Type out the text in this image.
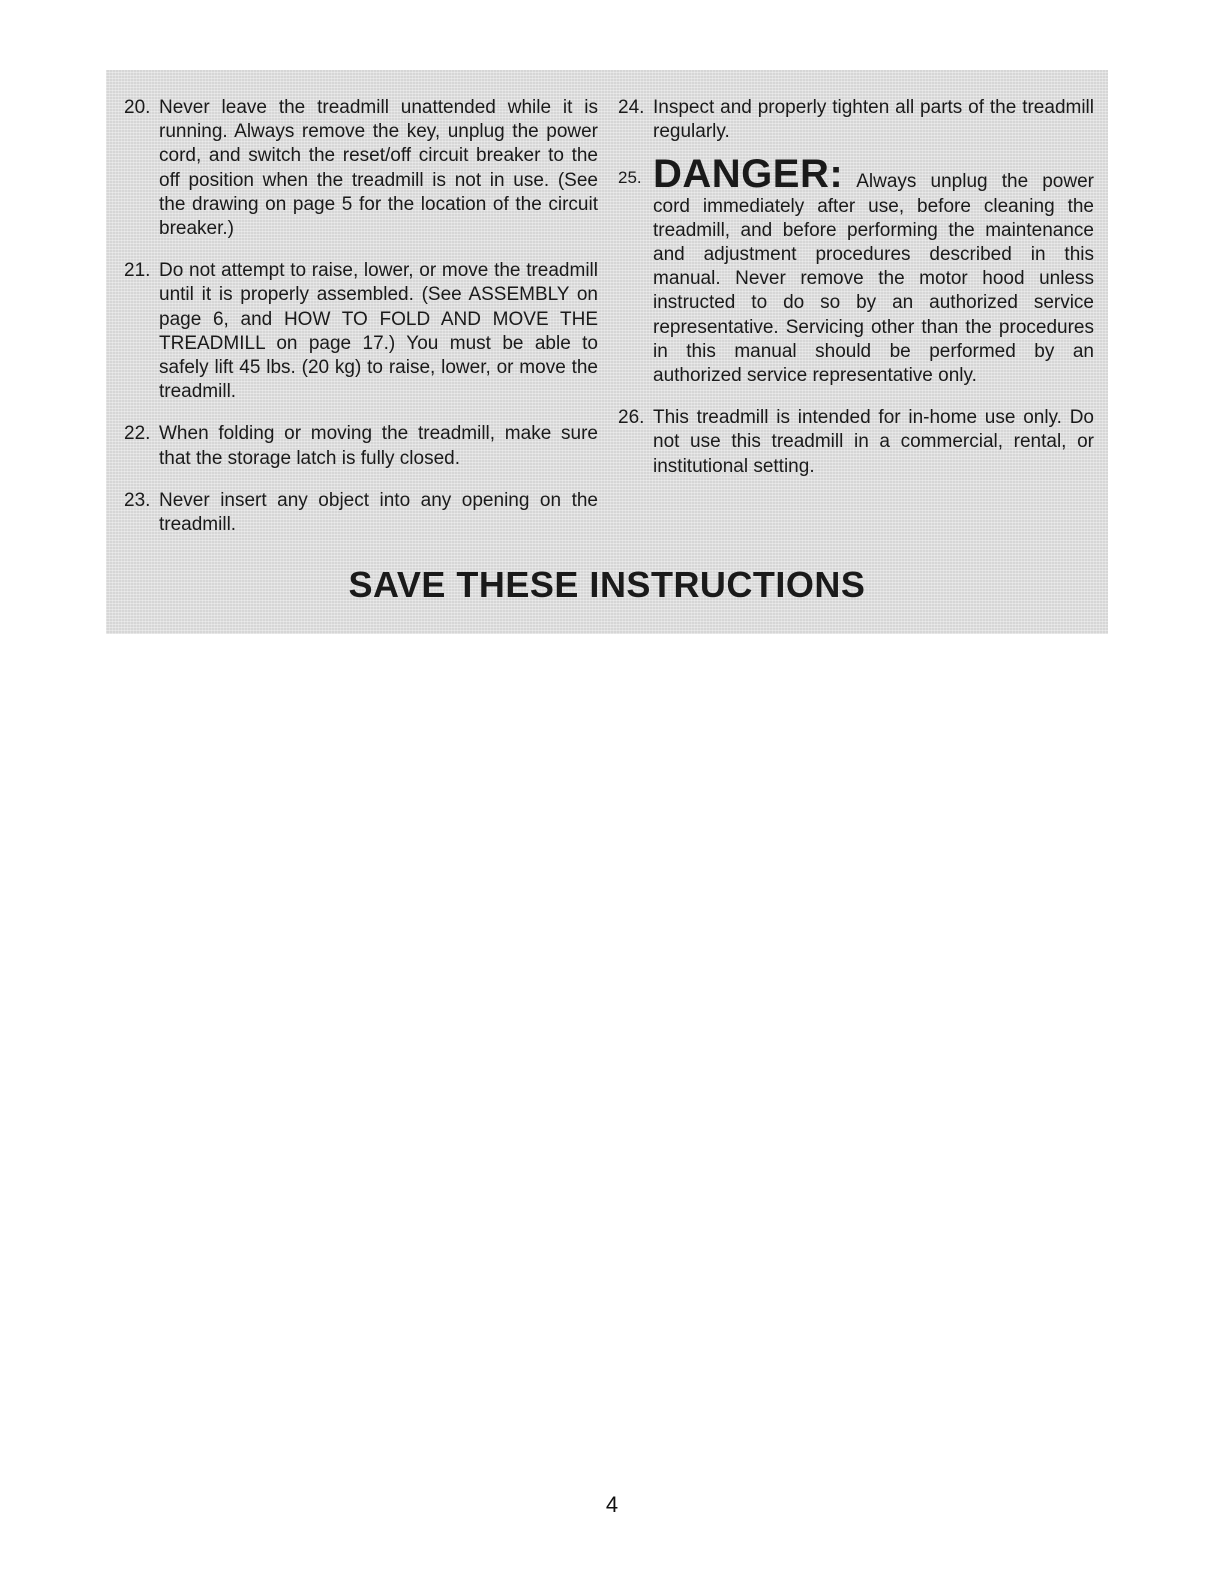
20. Never leave the treadmill unattended while it is running. Always remove the key, unplug the power cord, and switch the reset/off circuit breaker to the off position when the treadmill is not in use. (See the drawing on page 5 for the location of the circuit breaker.)
21. Do not attempt to raise, lower, or move the treadmill until it is properly assembled. (See ASSEMBLY on page 6, and HOW TO FOLD AND MOVE THE TREADMILL on page 17.) You must be able to safely lift 45 lbs. (20 kg) to raise, lower, or move the treadmill.
22. When folding or moving the treadmill, make sure that the storage latch is fully closed.
23. Never insert any object into any opening on the treadmill.
24. Inspect and properly tighten all parts of the treadmill regularly.
25. DANGER: Always unplug the power cord immediately after use, before cleaning the treadmill, and before performing the maintenance and adjustment procedures described in this manual. Never remove the motor hood unless instructed to do so by an authorized service representative. Servicing other than the procedures in this manual should be performed by an authorized service representative only.
26. This treadmill is intended for in-home use only. Do not use this treadmill in a commercial, rental, or institutional setting.
SAVE THESE INSTRUCTIONS
4
